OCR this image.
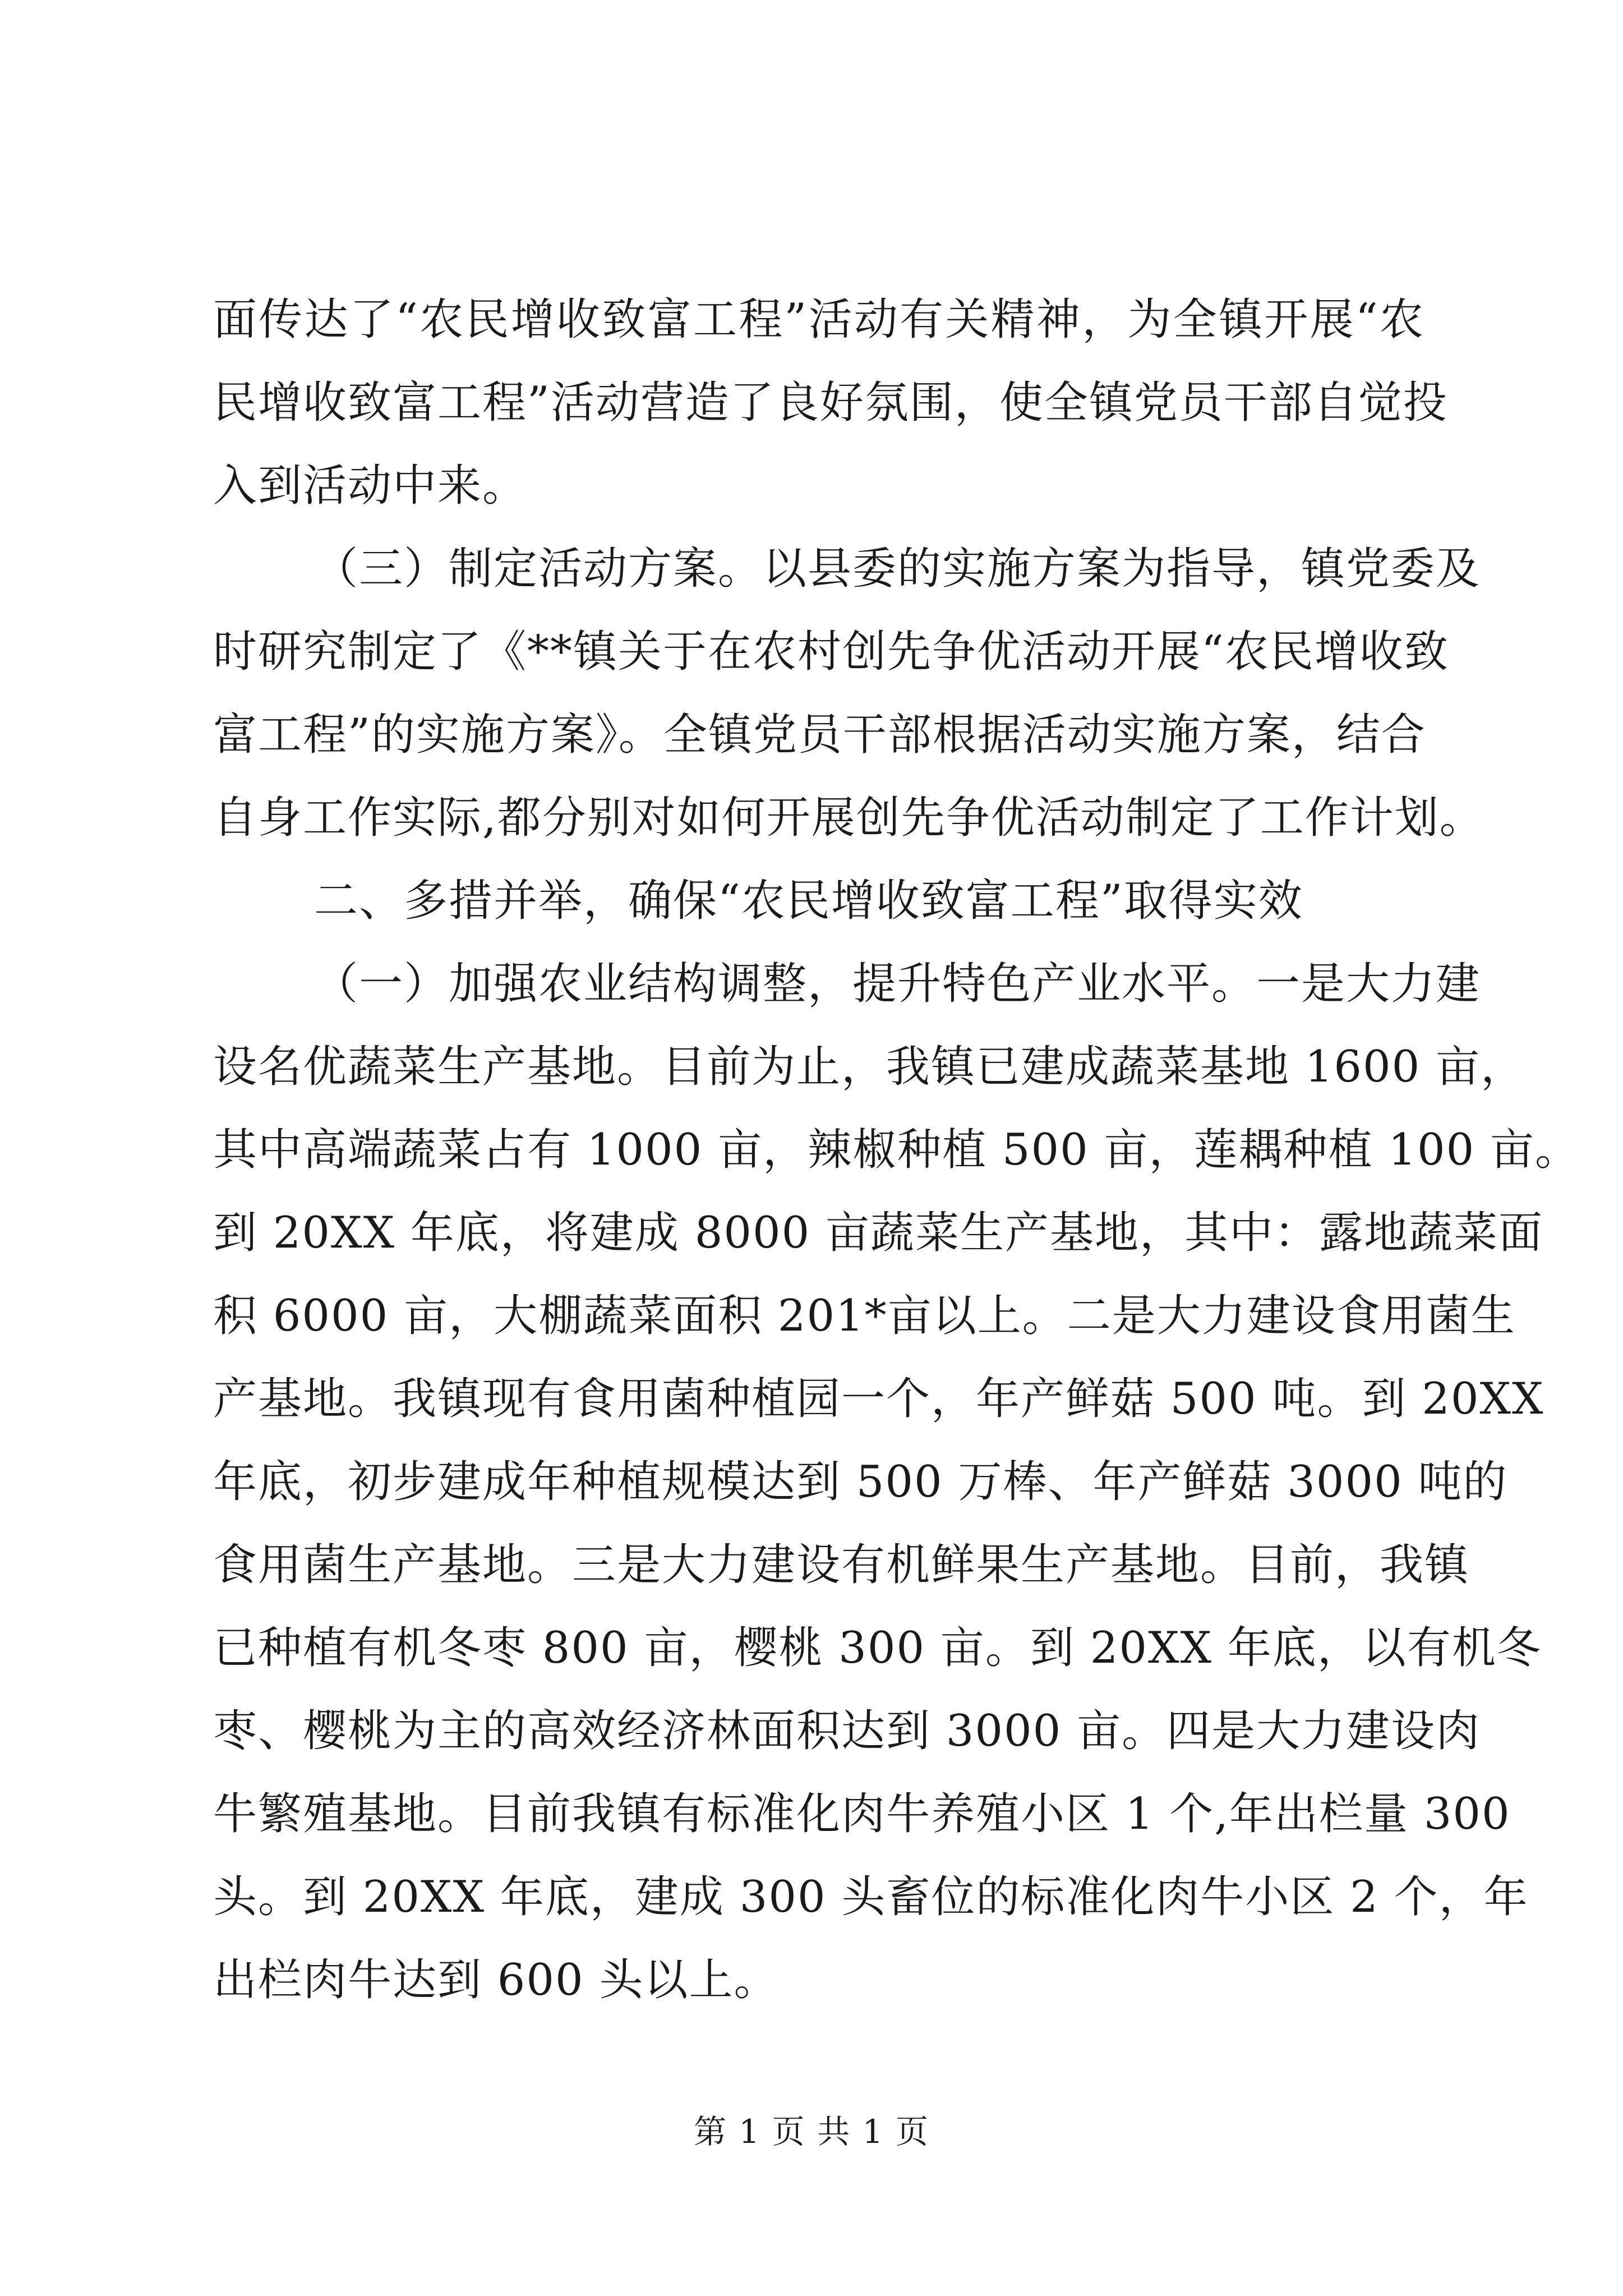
面传达了“农民增收致富工程”活动有关精神，为全镇开展“农
民增收致富工程”活动营造了良好氛围，使全镇党员干部自觉投
入到活动中来。
（三）制定活动方案。以县委的实施方案为指导，镇党委及
时研究制定了《**镇关于在农村创先争优活动开展“农民增收致
富工程”的实施方案》。全镇党员干部根据活动实施方案，结合
自身工作实际,都分别对如何开展创先争优活动制定了工作计划。
二、多措并举，确保“农民增收致富工程”取得实效
（一）加强农业结构调整，提升特色产业水平。一是大力建
设名优蔬菜生产基地。目前为止，我镇已建成蔬菜基地 1600 亩，
其中高端蔬菜占有 1000 亩，辣椒种植 500 亩，莲耦种植 100 亩。
到 20XX 年底，将建成 8000 亩蔬菜生产基地，其中：露地蔬菜面
积 6000 亩，大棚蔬菜面积 201*亩以上。二是大力建设食用菌生
产基地。我镇现有食用菌种植园一个，年产鲜菇 500 吨。到 20XX
年底，初步建成年种植规模达到 500 万棒、年产鲜菇 3000 吨的
食用菌生产基地。三是大力建设有机鲜果生产基地。目前，我镇
已种植有机冬枣 800 亩，樱桃 300 亩。到 20XX 年底，以有机冬
枣、樱桃为主的高效经济林面积达到 3000 亩。四是大力建设肉
牛繁殖基地。目前我镇有标准化肉牛养殖小区 1 个,年出栏量 300
头。到 20XX 年底，建成 300 头畜位的标准化肉牛小区 2 个，年
出栏肉牛达到 600 头以上。
第 1 页 共 1 页
